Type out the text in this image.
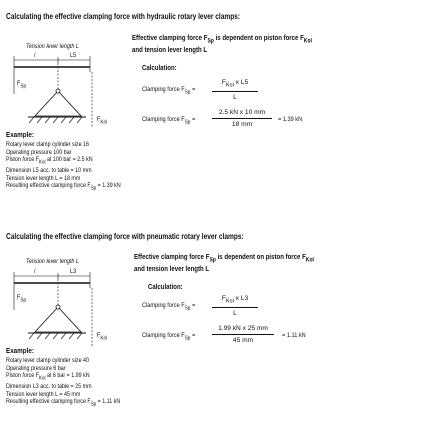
Calculating the effective clamping force with hydraulic rotary lever clamps:
Effective clamping force $F_{Sp}$ is dependent on piston force $F_{Kol}$
and tension lever length L
Tension lever length L
/	L5
$F_{Sp}$
$F_{Kol}$
Calculation:
Clamping force $F_{Sp}$ =
$F_{Kol}$ x L5
L
Clamping force $F_{Sp}$ =	$\frac{\text{2.5 kN x 10 mm}}{18 mm} = 1.39$ kN
Example:
Rotary lever clamp cylinder size 16
Operating pressure 100 bar
Piston force $F_{Kol}$ at 100 bar = 2.5 kN
Dimension L5 acc. to table = 10 mm
Tension lever length L = 18 mm
Resulting effective clamping force $F_{Sp} = 1.39$ kN
Calculating the effective clamping force with pneumatic rotary lever clamps:
Effective clamping force $F_{Sp}$ is dependent on piston force $F_{Kol}$
and tension lever length L
Tension lever length L
/	L3
$F_{Sp}$
$F_{Kol}$
Calculation:
Clamping force $F_{Sp}$ =
$F_{Kol}$ x L3
L
Clamping force $F_{Sp}$ =	$\frac{\text{1.99 kN x 25 mm}}{45 mm} = 1.11$ kN
Example:
Rotary lever clamp cylinder size 40
Operating pressure 6 bar
Piston force $F_{Kol}$ at 6 bar = 1.99 kN
Dimension L3 acc. to table = 25 mm
Tension lever length L = 45 mm
Resulting effective clamping force $F_{Sp} = 1.11$ kN
